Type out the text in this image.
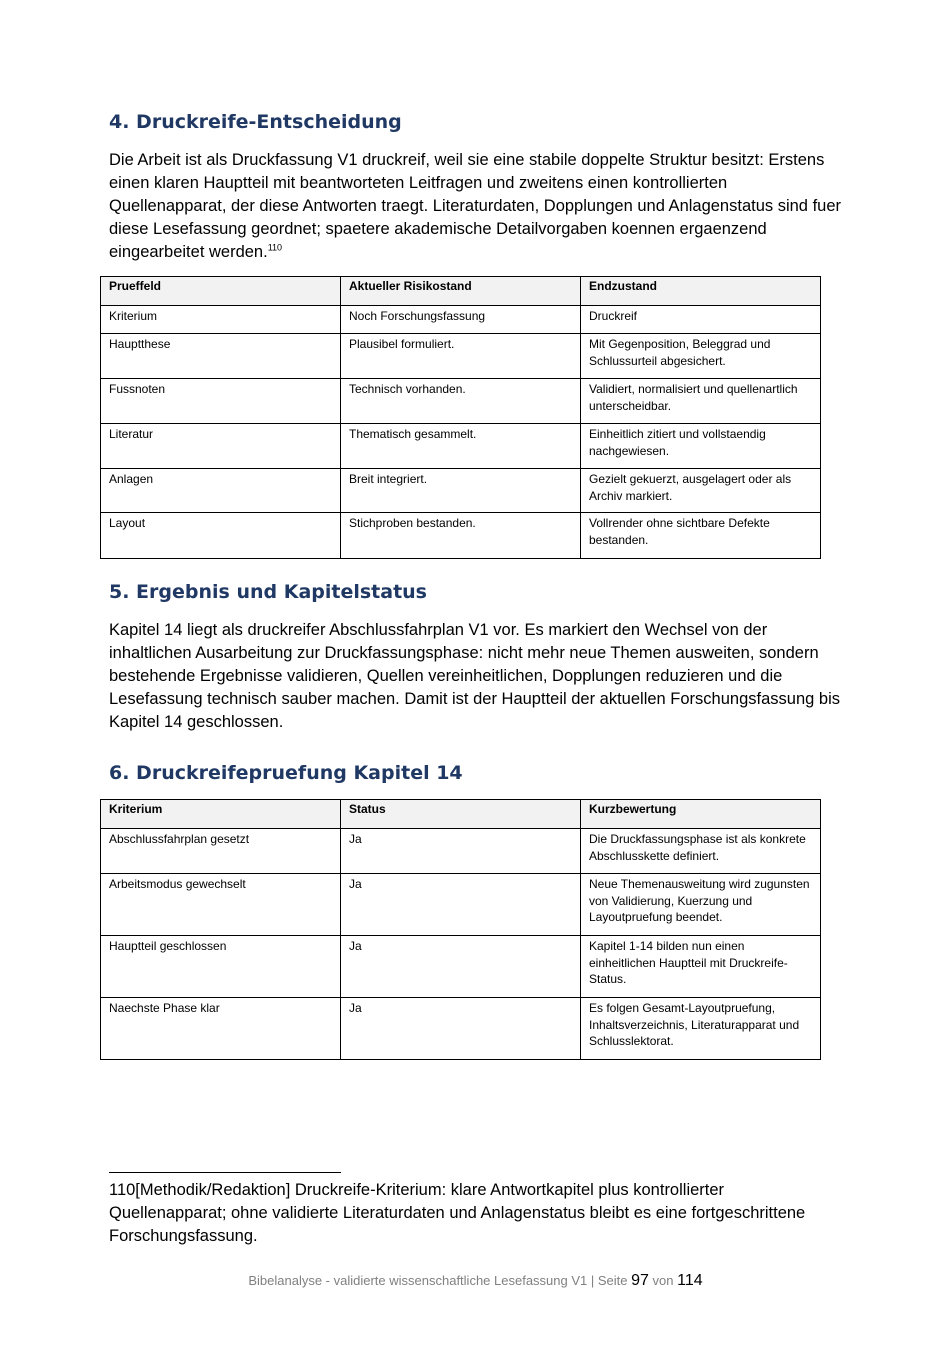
4. Druckreife-Entscheidung

Die Arbeit ist als Druckfassung V1 druckreif, weil sie eine stabile doppelte Struktur besitzt: Erstens einen klaren Hauptteil mit beantworteten Leitfragen und zweitens einen kontrollierten Quellenapparat, der diese Antworten traegt. Literaturdaten, Dopplungen und Anlagenstatus sind fuer diese Lesefassung geordnet; spaetere akademische Detailvorgaben koennen ergaenzend eingearbeitet werden.$^{110}$

Prueffeld	Aktueller Risikostand	Endzustand
Kriterium	Noch Forschungsfassung	Druckreif
Hauptthese	Plausibel formuliert.	Mit Gegenposition, Beleggrad und Schlussurteil abgesichert.
Fussnoten	Technisch vorhanden.	Validiert, normalisiert und quellenartlich unterscheidbar.
Literatur	Thematisch gesammelt.	Einheitlich zitiert und vollstaendig nachgewiesen.
Anlagen	Breit integriert.	Gezielt gekuerzt, ausgelagert oder als Archiv markiert.
Layout	Stichproben bestanden.	Vollrender ohne sichtbare Defekte bestanden.
5. Ergebnis und Kapitelstatus

Kapitel 14 liegt als druckreifer Abschlussfahrplan V1 vor. Es markiert den Wechsel von der inhaltlichen Ausarbeitung zur Druckfassungsphase: nicht mehr neue Themen ausweiten, sondern bestehende Ergebnisse validieren, Quellen vereinheitlichen, Dopplungen reduzieren und die Lesefassung technisch sauber machen. Damit ist der Hauptteil der aktuellen Forschungsfassung bis Kapitel 14 geschlossen.

6. Druckreifepruefung Kapitel 14
Kriterium	Status	Kurzbewertung
Abschlussfahrplan gesetzt	Ja	Die Druckfassungsphase ist als konkrete Abschlusskette definiert.
Arbeitsmodus gewechselt	Ja	Neue Themenausweitung wird zugunsten von Validierung, Kuerzung und Layoutpruefung beendet.
Hauptteil geschlossen	Ja	Kapitel 1-14 bilden nun einen einheitlichen Hauptteil mit Druckreife-Status.
Naechste Phase klar	Ja	Es folgen Gesamt-Layoutpruefung, Inhaltsverzeichnis, Literaturapparat und Schlusslektorat.

110[Methodik/Redaktion] Druckreife-Kriterium: klare Antwortkapitel plus kontrollierter Quellenapparat; ohne validierte Literaturdaten und Anlagenstatus bleibt es eine fortgeschrittene Forschungsfassung.

Bibelanalyse - validierte wissenschaftliche Lesefassung V1 | Seite 97 von 114
